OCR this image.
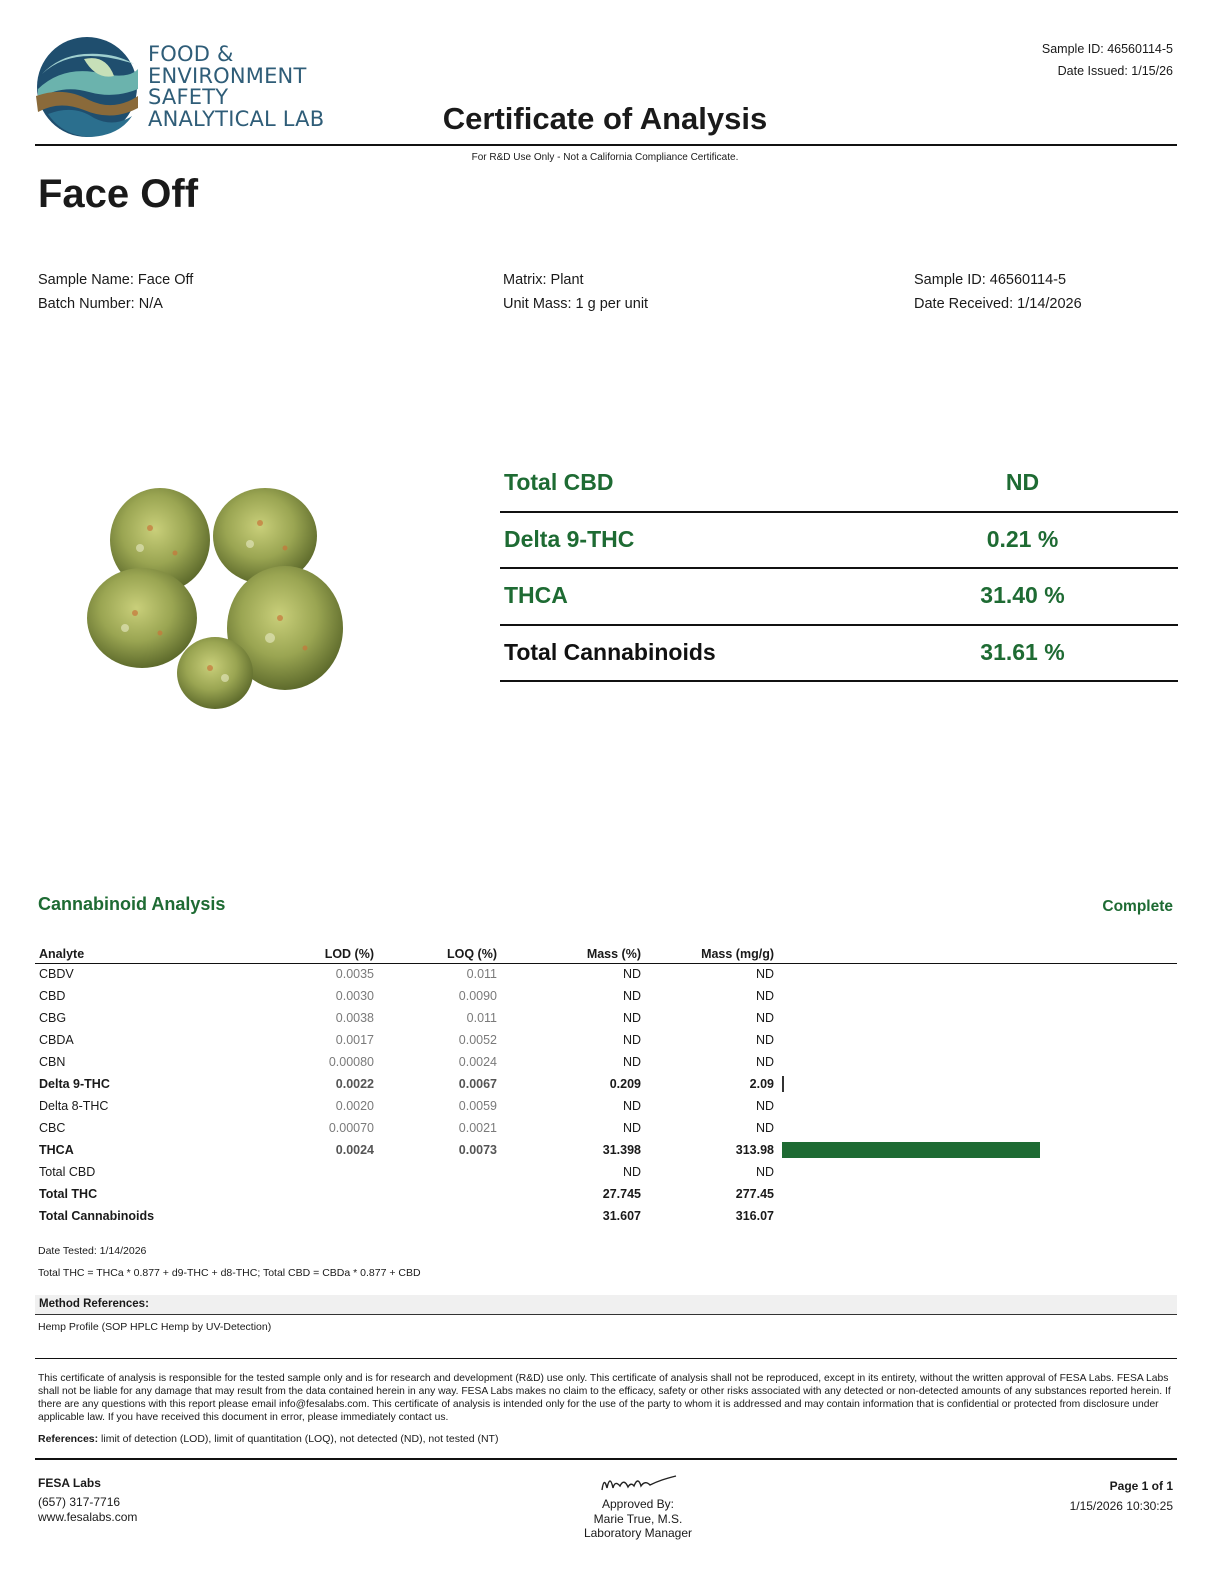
FOOD &
ENVIRONMENT
SAFETY
ANALYTICAL LAB
Sample ID: 46560114-5
Date Issued: 1/15/26
Certificate of Analysis
For R&D Use Only - Not a California Compliance Certificate.
Face Off
Sample Name: Face Off
Batch Number: N/A
Matrix: Plant
Unit Mass: 1 g per unit
Sample ID: 46560114-5
Date Received: 1/14/2026
Total CBD	ND
Delta 9-THC	0.21 %
THCA	31.40 %
Total Cannabinoids	31.61 %
Cannabinoid Analysis	Complete
Analyte	LOD (%)	LOQ (%)	Mass (%)	Mass (mg/g)	
CBDV	0.0035	0.011	ND	ND	
CBD	0.0030	0.0090	ND	ND	
CBG	0.0038	0.011	ND	ND	
CBDA	0.0017	0.0052	ND	ND	
CBN	0.00080	0.0024	ND	ND	
Delta 9-THC	0.0022	0.0067	0.209	2.09	

Delta 8-THC	0.0020	0.0059	ND	ND	
CBC	0.00070	0.0021	ND	ND	
THCA	0.0024	0.0073	31.398	313.98	

Total CBD			ND	ND	
Total THC			27.745	277.45	
Total Cannabinoids			31.607	316.07	
Date Tested: 1/14/2026
Total THC = THCa * 0.877 + d9-THC + d8-THC; Total CBD = CBDa * 0.877 + CBD
Method References:
Hemp Profile (SOP HPLC Hemp by UV-Detection)
This certificate of analysis is responsible for the tested sample only and is for research and development (R&D) use only. This certificate of analysis shall not be reproduced, except in its entirety, without the written approval of FESA Labs. FESA Labs shall not be liable for any damage that may result from the data contained herein in any way. FESA Labs makes no claim to the efficacy, safety or other risks associated with any detected or non-detected amounts of any substances reported herein. If there are any questions with this report please email info@fesalabs.com. This certificate of analysis is intended only for the use of the party to whom it is addressed and may contain information that is confidential or protected from disclosure under applicable law. If you have received this document in error, please immediately contact us.
References: limit of detection (LOD), limit of quantitation (LOQ), not detected (ND), not tested (NT)
FESA Labs
(657) 317-7716
www.fesalabs.com
Approved By:
Marie True, M.S.
Laboratory Manager
Page 1 of 1
1/15/2026 10:30:25
